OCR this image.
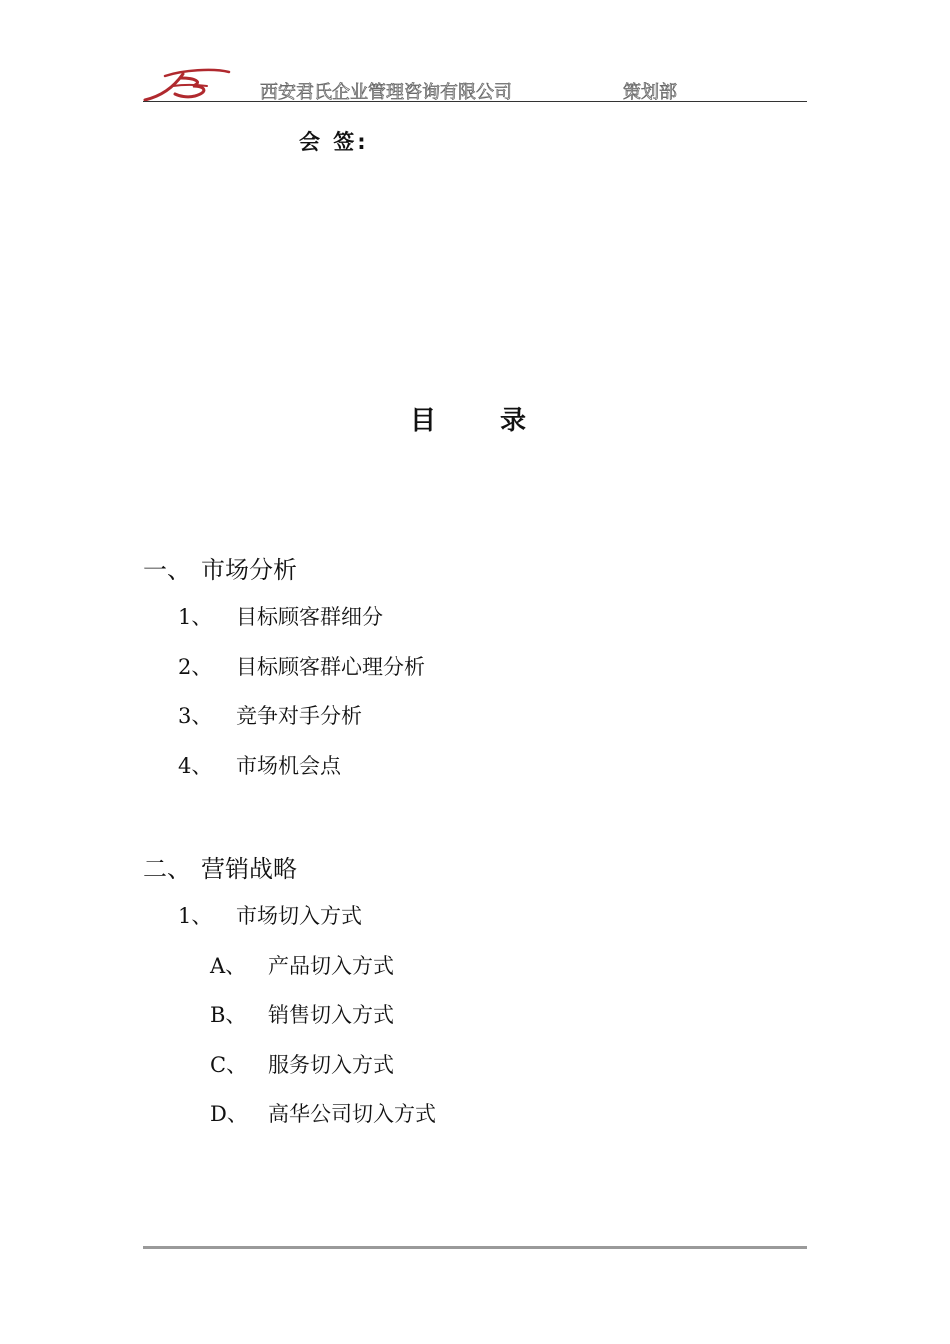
西安君氏企业管理咨询有限公司	策划部
会 签:
目录
一、 市场分析
1、	目标顾客群细分
2、	目标顾客群心理分析
3、	竞争对手分析
4、	市场机会点
二、 营销战略
1、	市场切入方式
A、	产品切入方式
B、	销售切入方式
C、 服务切入方式
D、 高华公司切入方式
